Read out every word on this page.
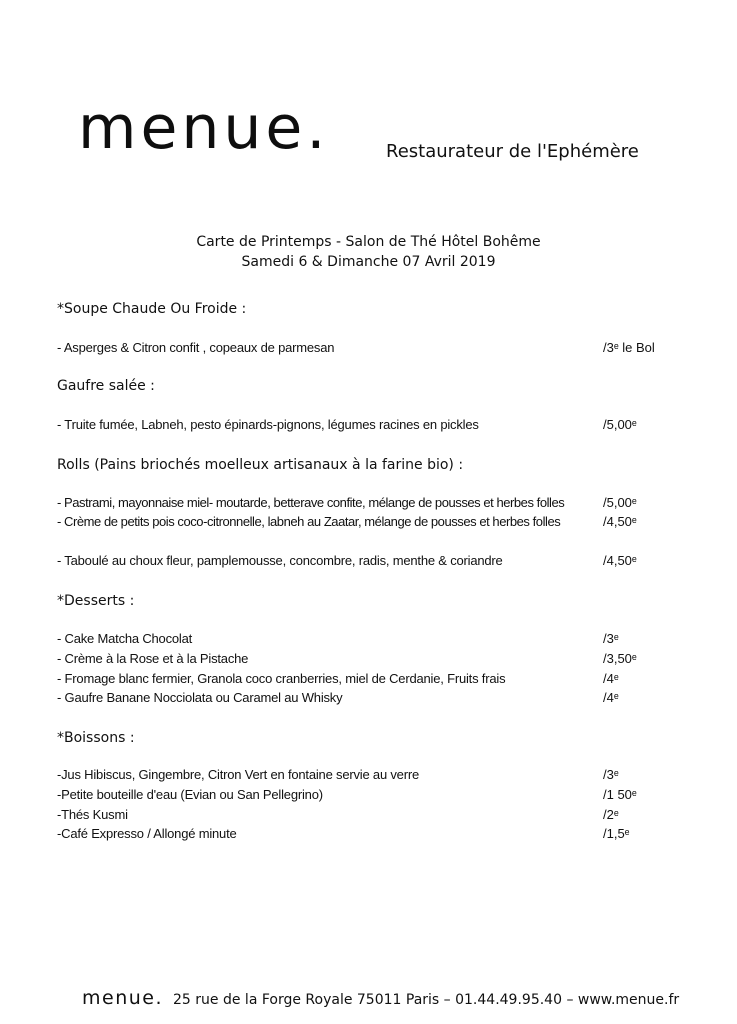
menue.	Restaurateur de l'Ephémère
Carte de Printemps - Salon de Thé Hôtel Bohême
Samedi 6 & Dimanche 07 Avril 2019
*Soupe Chaude Ou Froide :
- Asperges & Citron confit , copeaux de parmesan	/3ᵉ le Bol
Gaufre salée :
- Truite fumée, Labneh, pesto épinards-pignons, légumes racines en pickles	/5,00ᵉ
Rolls (Pains briochés moelleux artisanaux à la farine bio) :
- Pastrami, mayonnaise miel- moutarde, betterave confite, mélange de pousses et herbes folles	/5,00ᵉ
- Crème de petits pois coco-citronnelle, labneh au Zaatar, mélange de pousses et herbes folles	/4,50ᵉ
- Taboulé au choux fleur, pamplemousse, concombre, radis, menthe & coriandre	/4,50ᵉ
*Desserts :
- Cake Matcha Chocolat	/3ᵉ
- Crème à la Rose et à la Pistache	/3,50ᵉ
- Fromage blanc fermier, Granola coco cranberries, miel de Cerdanie, Fruits frais	/4ᵉ
- Gaufre Banane Nocciolata ou Caramel au Whisky	/4ᵉ
*Boissons :
-Jus Hibiscus, Gingembre, Citron Vert en fontaine servie au verre	/3ᵉ
-Petite bouteille d'eau (Evian ou San Pellegrino)	/1 50ᵉ
-Thés Kusmi	/2ᵉ
-Café Expresso / Allongé minute	/1,5ᵉ
menue. 25 rue de la Forge Royale 75011 Paris – 01.44.49.95.40 – www.menue.fr
